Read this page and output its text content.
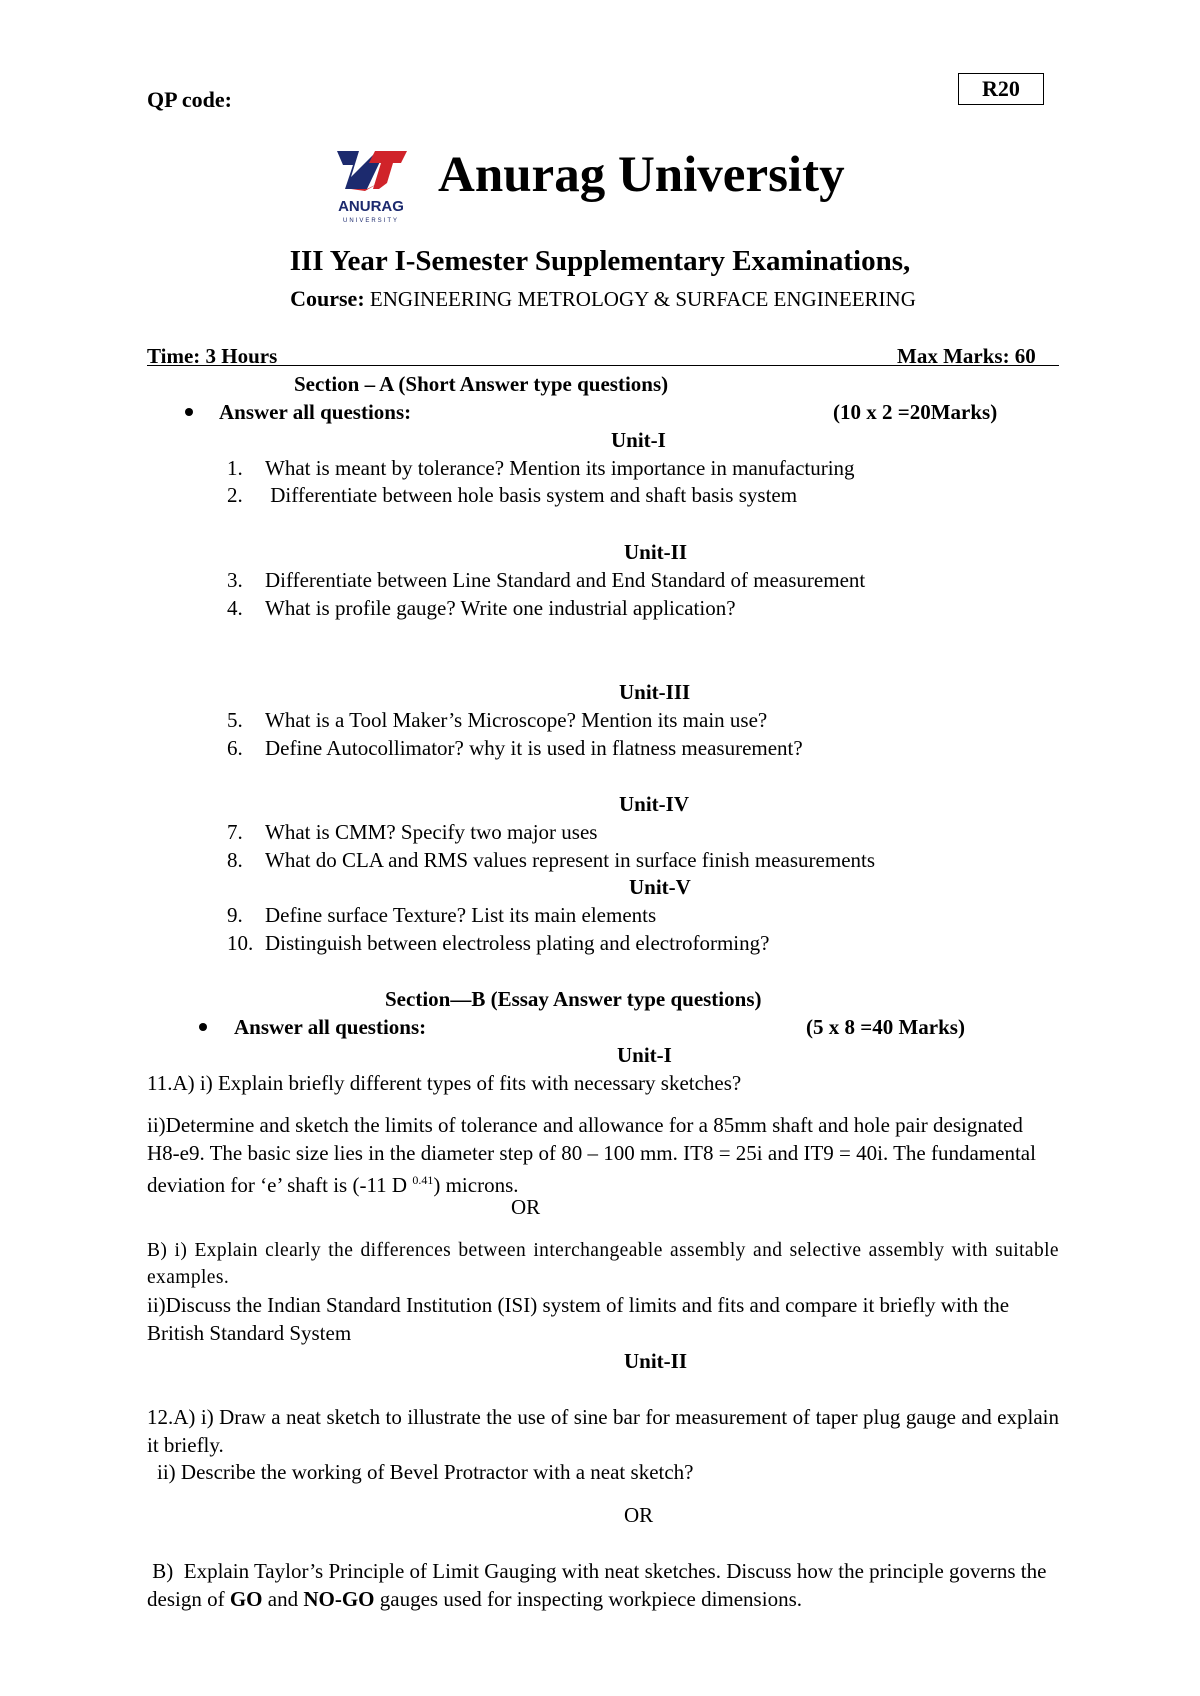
QP code:	R20
ANURAG
UNIVERSITY
Anurag University
III Year I-Semester Supplementary Examinations,
Course: ENGINEERING METROLOGY & SURFACE ENGINEERING
Time: 3 Hours	Max Marks: 60
Section – A (Short Answer type questions)
Answer all questions:	(10 x 2 =20Marks)
Unit-I
1. What is meant by tolerance? Mention its importance in manufacturing
2. Differentiate between hole basis system and shaft basis system
Unit-II
3. Differentiate between Line Standard and End Standard of measurement
4. What is profile gauge? Write one industrial application?
Unit-III
5. What is a Tool Maker’s Microscope? Mention its main use?
6. Define Autocollimator? why it is used in flatness measurement?
Unit-IV
7. What is CMM? Specify two major uses
8. What do CLA and RMS values represent in surface finish measurements
Unit-V
9. Define surface Texture? List its main elements
10. Distinguish between electroless plating and electroforming?
Section—B (Essay Answer type questions)
Answer all questions:	(5 x 8 =40 Marks)
Unit-I
11.A) i) Explain briefly different types of fits with necessary sketches?
ii)Determine and sketch the limits of tolerance and allowance for a 85mm shaft and hole pair designated H8-e9. The basic size lies in the diameter step of 80 – 100 mm. IT8 = 25i and IT9 = 40i. The fundamental deviation for ‘e’ shaft is (-11 D $^{0.41}$) microns.
OR
B) i) Explain clearly the differences between interchangeable assembly and selective assembly with suitable examples.
ii)Discuss the Indian Standard Institution (ISI) system of limits and fits and compare it briefly with the British Standard System
Unit-II
12.A) i) Draw a neat sketch to illustrate the use of sine bar for measurement of taper plug gauge and explain it briefly.
ii) Describe the working of Bevel Protractor with a neat sketch?
OR
B)  Explain Taylor’s Principle of Limit Gauging with neat sketches. Discuss how the principle governs the design of GO and NO-GO gauges used for inspecting workpiece dimensions.
